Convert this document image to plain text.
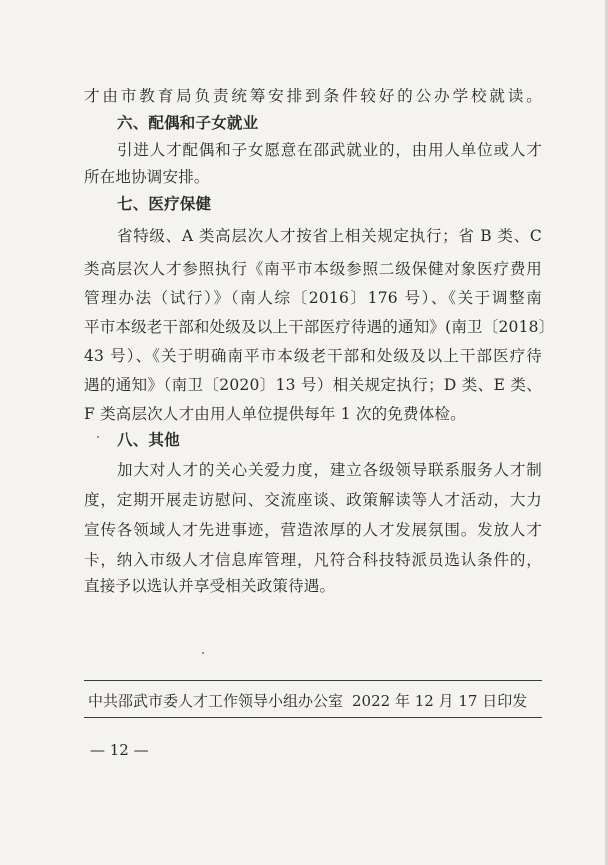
才由市教育局负责统筹安排到条件较好的公办学校就读。
六、配偶和子女就业
引进人才配偶和子女愿意在邵武就业的，由用人单位或人才
所在地协调安排。
七、医疗保健
省特级、A 类高层次人才按省上相关规定执行；省 B 类、C
类高层次人才参照执行《南平市本级参照二级保健对象医疗费用
管理办法（试行）》（南人综〔2016〕176 号）、《关于调整南
平市本级老干部和处级及以上干部医疗待遇的通知》(南卫〔2018〕
43 号）、《关于明确南平市本级老干部和处级及以上干部医疗待
遇的通知》（南卫〔2020〕13 号）相关规定执行；D 类、E 类、
F 类高层次人才由用人单位提供每年 1 次的免费体检。
八、其他
加大对人才的关心关爱力度，建立各级领导联系服务人才制
度，定期开展走访慰问、交流座谈、政策解读等人才活动，大力
宣传各领域人才先进事迹，营造浓厚的人才发展氛围。发放人才
卡，纳入市级人才信息库管理，凡符合科技特派员选认条件的，
直接予以选认并享受相关政策待遇。
中共邵武市委人才工作领导小组办公室 2022 年 12 月 17 日印发
— 12 —
